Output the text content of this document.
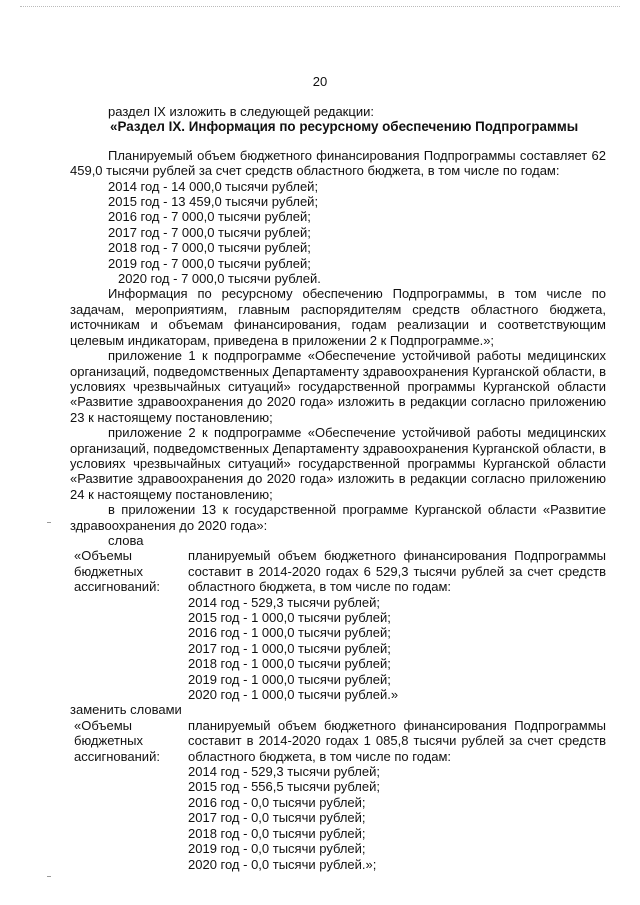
20

раздел IX изложить в следующей редакции:

«Раздел IX. Информация по ресурсному обеспечению Подпрограммы

Планируемый объем бюджетного финансирования Подпрограммы составляет 62 459,0 тысячи рублей за счет средств областного бюджета, в том числе по годам:

2014 год - 14 000,0 тысячи рублей;

2015 год - 13 459,0 тысячи рублей;

2016 год - 7 000,0 тысячи рублей;

2017 год - 7 000,0 тысячи рублей;

2018 год - 7 000,0 тысячи рублей;

2019 год - 7 000,0 тысячи рублей;

2020 год - 7 000,0 тысячи рублей.

Информация по ресурсному обеспечению Подпрограммы, в том числе по задачам, мероприятиям, главным распорядителям средств областного бюджета, источникам и объемам финансирования, годам реализации и соответствующим целевым индикаторам, приведена в приложении 2 к Подпрограмме.»;

приложение 1 к подпрограмме «Обеспечение устойчивой работы медицинских организаций, подведомственных Департаменту здравоохранения Курганской области, в условиях чрезвычайных ситуаций» государственной программы Курганской области «Развитие здравоохранения до 2020 года» изложить в редакции согласно приложению 23 к настоящему постановлению;

приложение 2 к подпрограмме «Обеспечение устойчивой работы медицинских организаций, подведомственных Департаменту здравоохранения Курганской области, в условиях чрезвычайных ситуаций» государственной программы Курганской области «Развитие здравоохранения до 2020 года» изложить в редакции согласно приложению 24 к настоящему постановлению;

в приложении 13 к государственной программе Курганской области «Развитие здравоохранения до 2020 года»:

слова

«Объемы бюджетных ассигнований:

планируемый объем бюджетного финансирования Подпрограммы составит в 2014-2020 годах 6 529,3 тысячи рублей за счет средств областного бюджета, в том числе по годам:

2014 год - 529,3 тысячи рублей;

2015 год - 1 000,0 тысячи рублей;

2016 год - 1 000,0 тысячи рублей;

2017 год - 1 000,0 тысячи рублей;

2018 год - 1 000,0 тысячи рублей;

2019 год - 1 000,0 тысячи рублей;

2020 год - 1 000,0 тысячи рублей.»

заменить словами

«Объемы бюджетных ассигнований:

планируемый объем бюджетного финансирования Подпрограммы составит в 2014-2020 годах 1 085,8 тысячи рублей за счет средств областного бюджета, в том числе по годам:

2014 год - 529,3 тысячи рублей;

2015 год - 556,5 тысячи рублей;

2016 год - 0,0 тысячи рублей;

2017 год - 0,0 тысячи рублей;

2018 год - 0,0 тысячи рублей;

2019 год - 0,0 тысячи рублей;

2020 год - 0,0 тысячи рублей.»;
